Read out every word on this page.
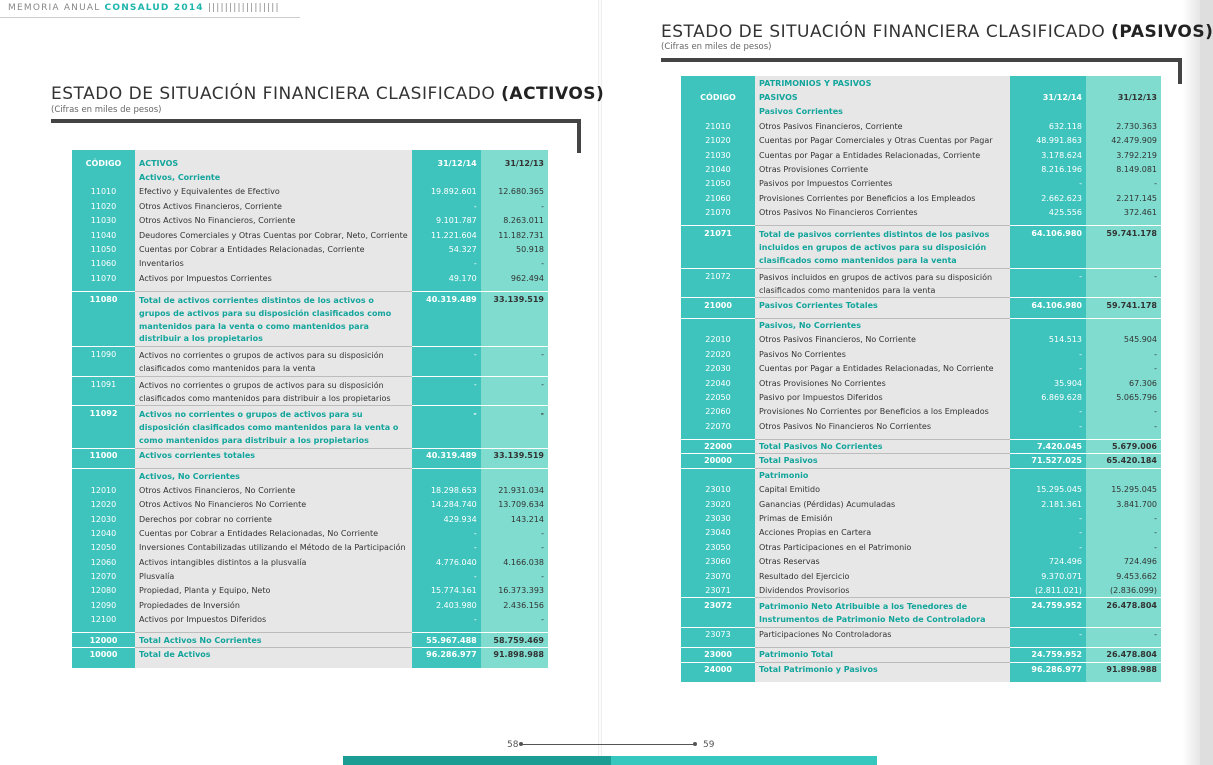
MEMORIA ANUAL CONSALUD 2014 |||||||||||||||||
ESTADO DE SITUACIÓN FINANCIERA CLASIFICADO (ACTIVOS)
(Cifras en miles de pesos)

CÓDIGO	ACTIVOS	31/12/14	31/12/13
	Activos, Corriente		
11010	Efectivo y Equivalentes de Efectivo	19.892.601	12.680.365
11020	Otros Activos Financieros, Corriente	-	-
11030	Otros Activos No Financieros, Corriente	9.101.787	8.263.011
11040	Deudores Comerciales y Otras Cuentas por Cobrar, Neto, Corriente	11.221.604	11.182.731
11050	Cuentas por Cobrar a Entidades Relacionadas, Corriente	54.327	50.918
11060	Inventarios	-	-
11070	Activos por Impuestos Corrientes	49.170	962.494

11080	Total de activos corrientes distintos de los activos o grupos de activos para su disposición clasificados como mantenidos para la venta o como mantenidos para distribuir a los propietarios	40.319.489	33.139.519
11090	Activos no corrientes o grupos de activos para su disposición clasificados como mantenidos para la venta	-	-
11091	Activos no corrientes o grupos de activos para su disposición clasificados como mantenidos para distribuir a los propietarios	-	-
11092	Activos no corrientes o grupos de activos para su disposición clasificados como mantenidos para la venta o como mantenidos para distribuir a los propietarios	-	-
11000	Activos corrientes totales	40.319.489	33.139.519

	Activos, No Corrientes		
12010	Otros Activos Financieros, No Corriente	18.298.653	21.931.034
12020	Otros Activos No Financieros No Corriente	14.284.740	13.709.634
12030	Derechos por cobrar no corriente	429.934	143.214
12040	Cuentas por Cobrar a Entidades Relacionadas, No Corriente	-	-
12050	Inversiones Contabilizadas utilizando el Método de la Participación	-	-
12060	Activos intangibles distintos a la plusvalía	4.776.040	4.166.038
12070	Plusvalía	-	-
12080	Propiedad, Planta y Equipo, Neto	15.774.161	16.373.393
12090	Propiedades de Inversión	2.403.980	2.436.156
12100	Activos por Impuestos Diferidos	-	-

12000	Total Activos No Corrientes	55.967.488	58.759.469
10000	Total de Activos	96.286.977	91.898.988

ESTADO DE SITUACIÓN FINANCIERA CLASIFICADO (PASIVOS)
(Cifras en miles de pesos)
	PATRIMONIOS Y PASIVOS		
CÓDIGO	PASIVOS	31/12/14	31/12/13
	Pasivos Corrientes		
21010	Otros Pasivos Financieros, Corriente	632.118	2.730.363
21020	Cuentas por Pagar Comerciales y Otras Cuentas por Pagar	48.991.863	42.479.909
21030	Cuentas por Pagar a Entidades Relacionadas, Corriente	3.178.624	3.792.219
21040	Otras Provisiones Corriente	8.216.196	8.149.081
21050	Pasivos por Impuestos Corrientes	-	-
21060	Provisiones Corrientes por Beneficios a los Empleados	2.662.623	2.217.145
21070	Otros Pasivos No Financieros Corrientes	425.556	372.461

21071	Total de pasivos corrientes distintos de los pasivos incluidos en grupos de activos para su disposición clasificados como mantenidos para la venta	64.106.980	59.741.178
21072	Pasivos incluidos en grupos de activos para su disposición clasificados como mantenidos para la venta	-	-
21000	Pasivos Corrientes Totales	64.106.980	59.741.178

	Pasivos, No Corrientes		
22010	Otros Pasivos Financieros, No Corriente	514.513	545.904
22020	Pasivos No Corrientes	-	-
22030	Cuentas por Pagar a Entidades Relacionadas, No Corriente	-	-
22040	Otras Provisiones No Corrientes	35.904	67.306
22050	Pasivo por Impuestos Diferidos	6.869.628	5.065.796
22060	Provisiones No Corrientes por Beneficios a los Empleados	-	-
22070	Otros Pasivos No Financieros No Corrientes	-	-

22000	Total Pasivos No Corrientes	7.420.045	5.679.006
20000	Total Pasivos	71.527.025	65.420.184
	Patrimonio		
23010	Capital Emitido	15.295.045	15.295.045
23020	Ganancias (Pérdidas) Acumuladas	2.181.361	3.841.700
23030	Primas de Emisión	-	-
23040	Acciones Propias en Cartera	-	-
23050	Otras Participaciones en el Patrimonio	-	-
23060	Otras Reservas	724.496	724.496
23070	Resultado del Ejercicio	9.370.071	9.453.662
23071	Dividendos Provisorios	(2.811.021)	(2.836.099)
23072	Patrimonio Neto Atribuible a los Tenedores de Instrumentos de Patrimonio Neto de Controladora	24.759.952	26.478.804
23073	Participaciones No Controladoras	-	-

23000	Patrimonio Total	24.759.952	26.478.804
24000	Total Patrimonio y Pasivos	96.286.977	91.898.988

58	59
